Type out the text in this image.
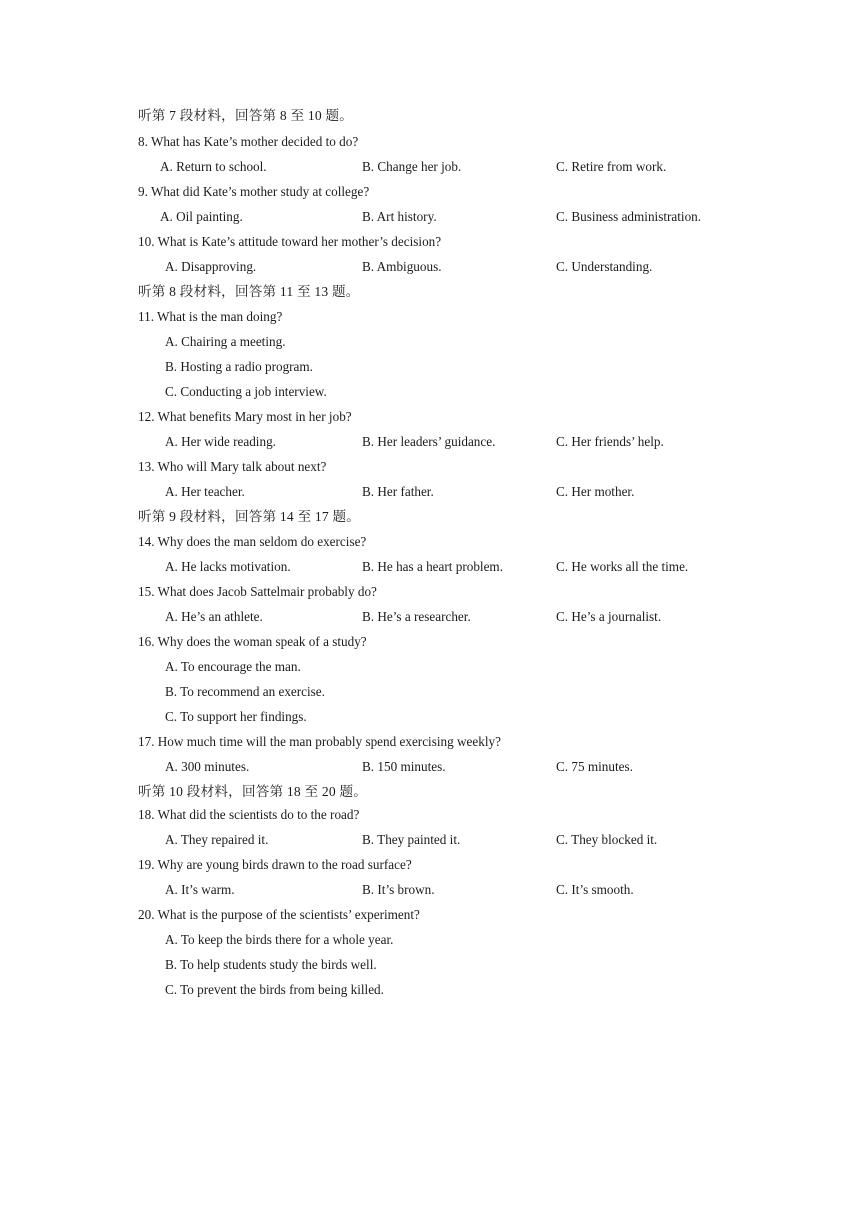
听第 7 段材料，回答第 8 至 10 题。
8. What has Kate’s mother decided to do?
A. Return to school.	B. Change her job.	C. Retire from work.
9. What did Kate’s mother study at college?
A. Oil painting.	B. Art history.	C. Business administration.
10. What is Kate’s attitude toward her mother’s decision?
A. Disapproving.	B. Ambiguous.	C. Understanding.
听第 8 段材料，回答第 11 至 13 题。
11. What is the man doing?
A. Chairing a meeting.
B. Hosting a radio program.
C. Conducting a job interview.
12. What benefits Mary most in her job?
A. Her wide reading.	B. Her leaders’ guidance.	C. Her friends’ help.
13. Who will Mary talk about next?
A. Her teacher.	B. Her father.	C. Her mother.
听第 9 段材料，回答第 14 至 17 题。
14. Why does the man seldom do exercise?
A. He lacks motivation.	B. He has a heart problem.	C. He works all the time.
15. What does Jacob Sattelmair probably do?
A. He’s an athlete.	B. He’s a researcher.	C. He’s a journalist.
16. Why does the woman speak of a study?
A. To encourage the man.
B. To recommend an exercise.
C. To support her findings.
17. How much time will the man probably spend exercising weekly?
A. 300 minutes.	B. 150 minutes.	C. 75 minutes.
听第 10 段材料，回答第 18 至 20 题。
18. What did the scientists do to the road?
A. They repaired it.	B. They painted it.	C. They blocked it.
19. Why are young birds drawn to the road surface?
A. It’s warm.	B. It’s brown.	C. It’s smooth.
20. What is the purpose of the scientists’ experiment?
A. To keep the birds there for a whole year.
B. To help students study the birds well.
C. To prevent the birds from being killed.
